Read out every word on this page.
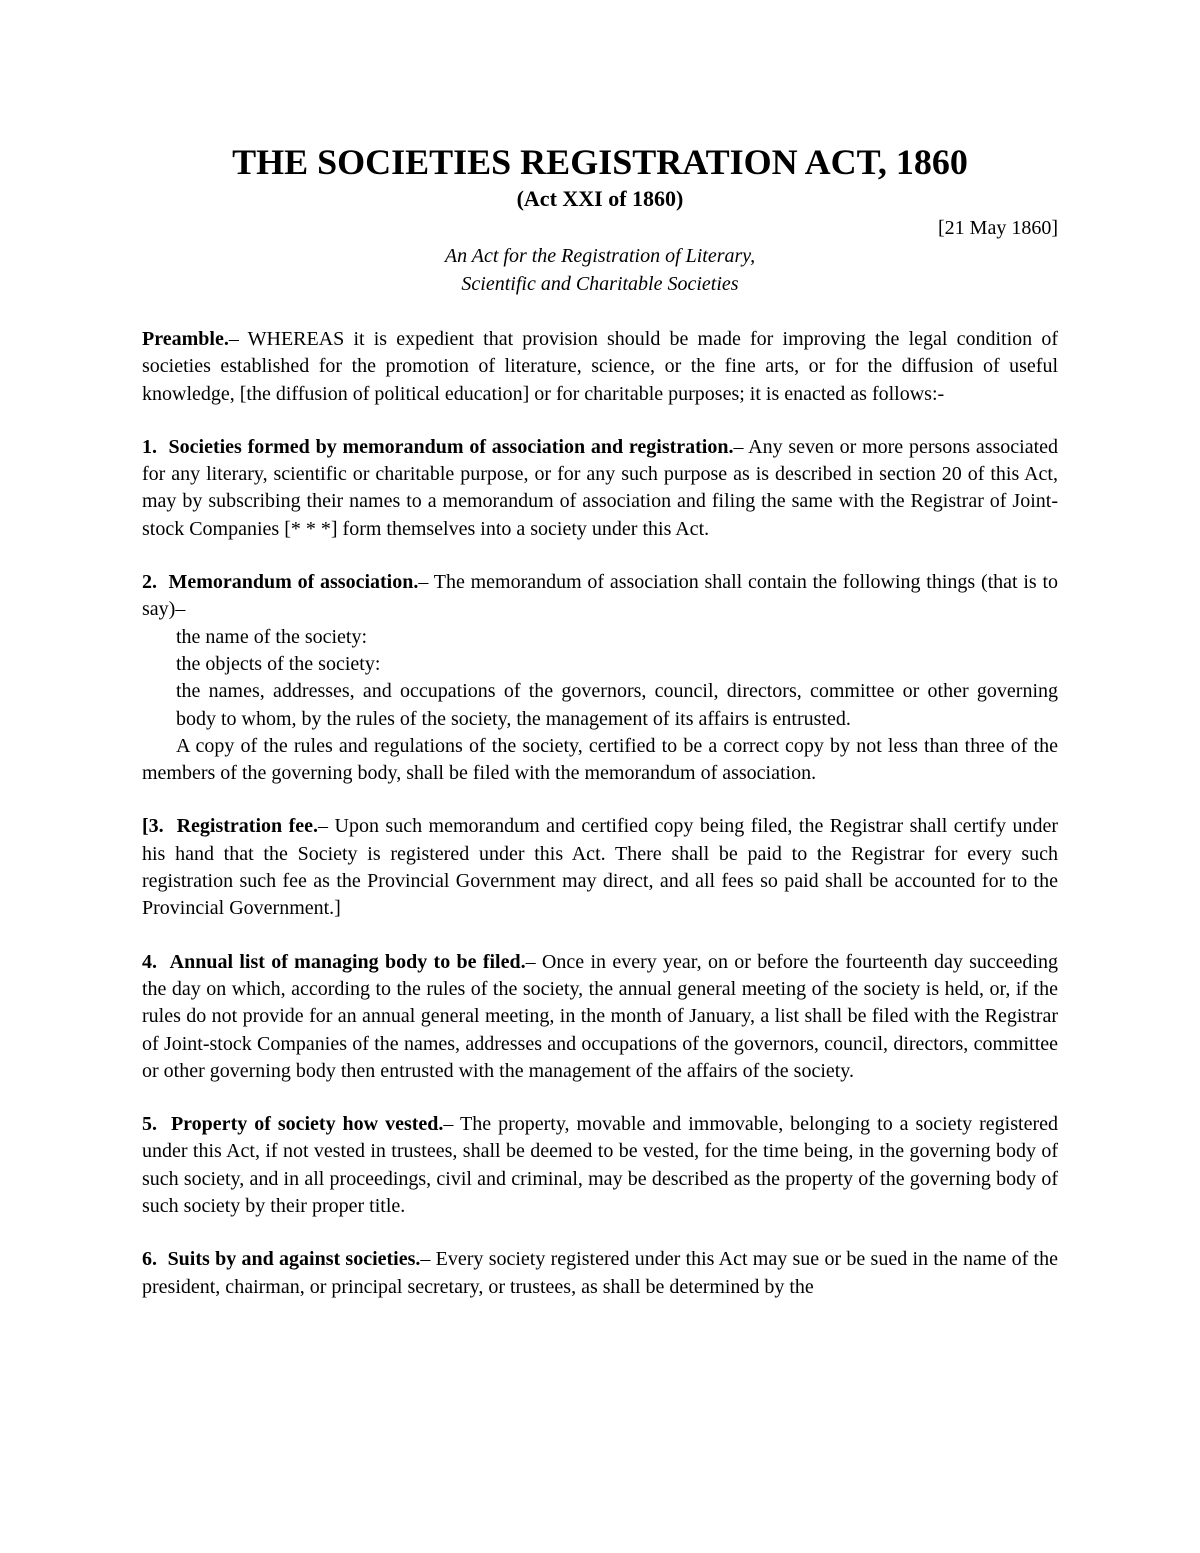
THE SOCIETIES REGISTRATION ACT, 1860

(Act XXI of 1860)

[21 May 1860]

An Act for the Registration of Literary,

Scientific and Charitable Societies

Preamble.– WHEREAS it is expedient that provision should be made for improving the legal condition of societies established for the promotion of literature, science, or the fine arts, or for the diffusion of useful knowledge, [the diffusion of political education] or for charitable purposes; it is enacted as follows:-

1. Societies formed by memorandum of association and registration.– Any seven or more persons associated for any literary, scientific or charitable purpose, or for any such purpose as is described in section 20 of this Act, may by subscribing their names to a memorandum of association and filing the same with the Registrar of Joint-stock Companies [* * *] form themselves into a society under this Act.

2. Memorandum of association.– The memorandum of association shall contain the following things (that is to say)–

the name of the society:

the objects of the society:

the names, addresses, and occupations of the governors, council, directors, committee or other governing body to whom, by the rules of the society, the management of its affairs is entrusted.

A copy of the rules and regulations of the society, certified to be a correct copy by not less than three of the members of the governing body, shall be filed with the memorandum of association.

[3. Registration fee.– Upon such memorandum and certified copy being filed, the Registrar shall certify under his hand that the Society is registered under this Act. There shall be paid to the Registrar for every such registration such fee as the Provincial Government may direct, and all fees so paid shall be accounted for to the Provincial Government.]

4. Annual list of managing body to be filed.– Once in every year, on or before the fourteenth day succeeding the day on which, according to the rules of the society, the annual general meeting of the society is held, or, if the rules do not provide for an annual general meeting, in the month of January, a list shall be filed with the Registrar of Joint-stock Companies of the names, addresses and occupations of the governors, council, directors, committee or other governing body then entrusted with the management of the affairs of the society.

5. Property of society how vested.– The property, movable and immovable, belonging to a society registered under this Act, if not vested in trustees, shall be deemed to be vested, for the time being, in the governing body of such society, and in all proceedings, civil and criminal, may be described as the property of the governing body of such society by their proper title.

6. Suits by and against societies.– Every society registered under this Act may sue or be sued in the name of the president, chairman, or principal secretary, or trustees, as shall be determined by the
